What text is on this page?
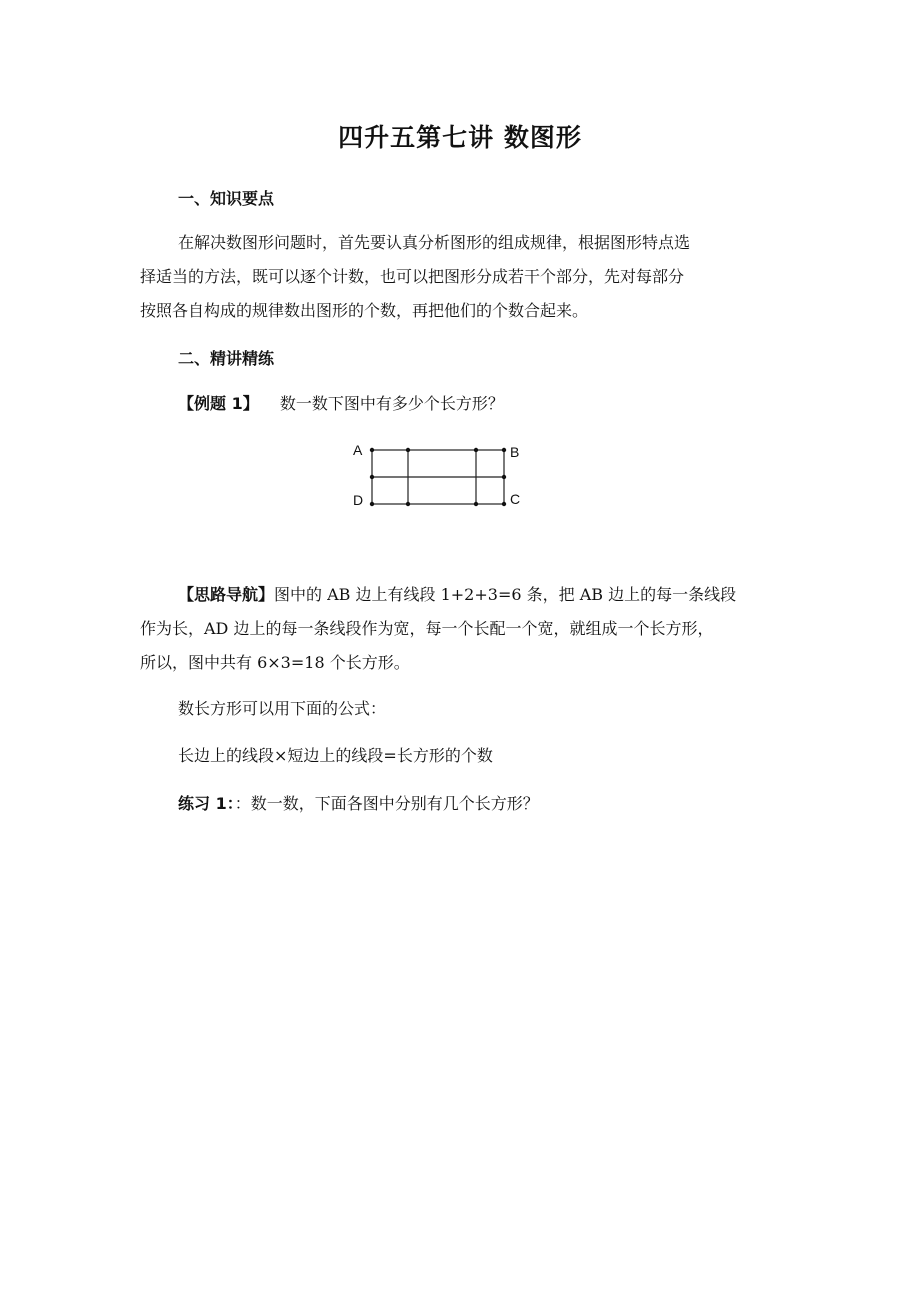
四升五第七讲 数图形
一、知识要点
在解决数图形问题时，首先要认真分析图形的组成规律，根据图形特点选
择适当的方法，既可以逐个计数，也可以把图形分成若干个部分，先对每部分
按照各自构成的规律数出图形的个数，再把他们的个数合起来。
二、精讲精练
【例题 1】 数一数下图中有多少个长方形？
A	B
C
D
【思路导航】图中的 AB 边上有线段 1+2+3=6 条，把 AB 边上的每一条线段
作为长，AD 边上的每一条线段作为宽，每一个长配一个宽，就组成一个长方形，
所以，图中共有 6×3=18 个长方形。
数长方形可以用下面的公式：
长边上的线段×短边上的线段=长方形的个数
练习 1：：数一数，下面各图中分别有几个长方形？
